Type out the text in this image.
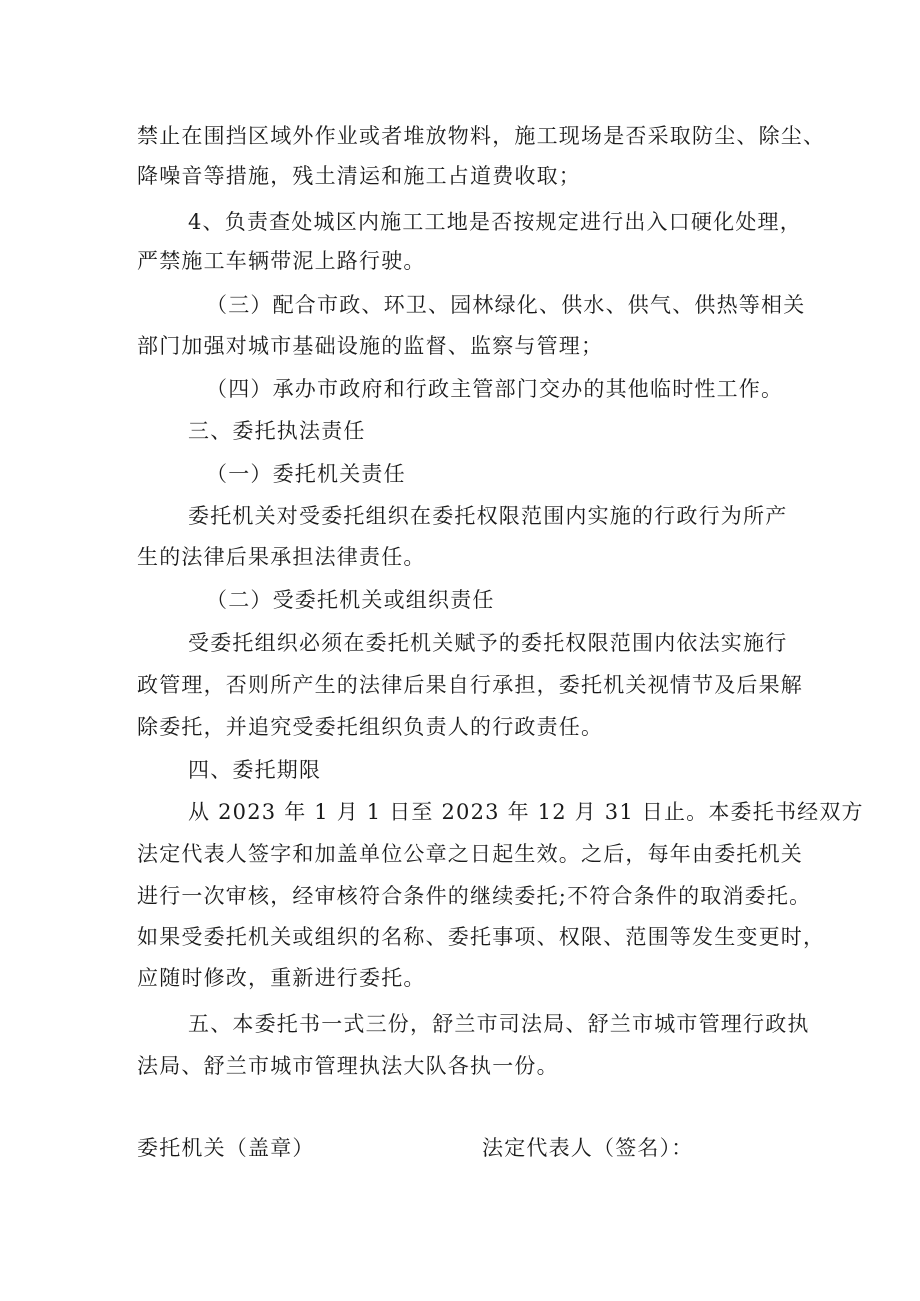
禁止在围挡区域外作业或者堆放物料，施工现场是否采取防尘、除尘、
降噪音等措施，残土清运和施工占道费收取；
4、负责查处城区内施工工地是否按规定进行出入口硬化处理，
严禁施工车辆带泥上路行驶。
（三）配合市政、环卫、园林绿化、供水、供气、供热等相关
部门加强对城市基础设施的监督、监察与管理；
（四）承办市政府和行政主管部门交办的其他临时性工作。
三、委托执法责任
（一）委托机关责任
委托机关对受委托组织在委托权限范围内实施的行政行为所产
生的法律后果承担法律责任。
（二）受委托机关或组织责任
受委托组织必须在委托机关赋予的委托权限范围内依法实施行
政管理，否则所产生的法律后果自行承担，委托机关视情节及后果解
除委托，并追究受委托组织负责人的行政责任。
四、委托期限
从 2023 年 1 月 1 日至 2023 年 12 月 31 日止。本委托书经双方
法定代表人签字和加盖单位公章之日起生效。之后，每年由委托机关
进行一次审核，经审核符合条件的继续委托;不符合条件的取消委托。
如果受委托机关或组织的名称、委托事项、权限、范围等发生变更时，
应随时修改，重新进行委托。
五、本委托书一式三份，舒兰市司法局、舒兰市城市管理行政执
法局、舒兰市城市管理执法大队各执一份。
委托机关（盖章）	法定代表人（签名）：
